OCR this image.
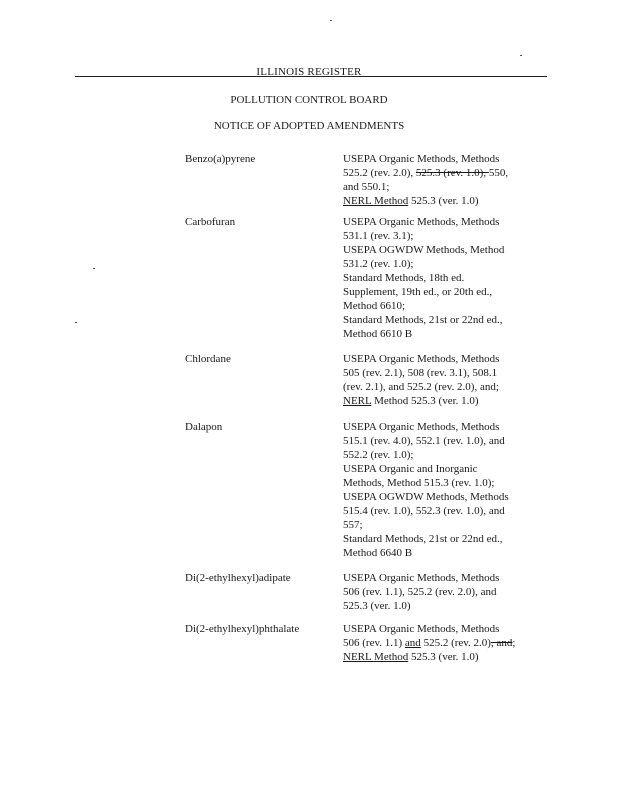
ILLINOIS REGISTER
POLLUTION CONTROL BOARD
NOTICE OF ADOPTED AMENDMENTS
Benzo(a)pyrene	USEPA Organic Methods, Methods
525.2 (rev. 2.0), 525.3 (rev. 1.0), 550,
and 550.1;
NERL Method 525.3 (ver. 1.0)
Carbofuran	USEPA Organic Methods, Methods
531.1 (rev. 3.1);
USEPA OGWDW Methods, Method
531.2 (rev. 1.0);
Standard Methods, 18th ed.
Supplement, 19th ed., or 20th ed.,
Method 6610;
Standard Methods, 21st or 22nd ed.,
Method 6610 B
Chlordane	USEPA Organic Methods, Methods
505 (rev. 2.1), 508 (rev. 3.1), 508.1
(rev. 2.1), and 525.2 (rev. 2.0), and;
NERL Method 525.3 (ver. 1.0)
Dalapon	USEPA Organic Methods, Methods
515.1 (rev. 4.0), 552.1 (rev. 1.0), and
552.2 (rev. 1.0);
USEPA Organic and Inorganic
Methods, Method 515.3 (rev. 1.0);
USEPA OGWDW Methods, Methods
515.4 (rev. 1.0), 552.3 (rev. 1.0), and
557;
Standard Methods, 21st or 22nd ed.,
Method 6640 B
Di(2-ethylhexyl)adipate	USEPA Organic Methods, Methods
506 (rev. 1.1), 525.2 (rev. 2.0), and
525.3 (ver. 1.0)
Di(2-ethylhexyl)phthalate	USEPA Organic Methods, Methods
506 (rev. 1.1) and 525.2 (rev. 2.0), and;
NERL Method 525.3 (ver. 1.0)
